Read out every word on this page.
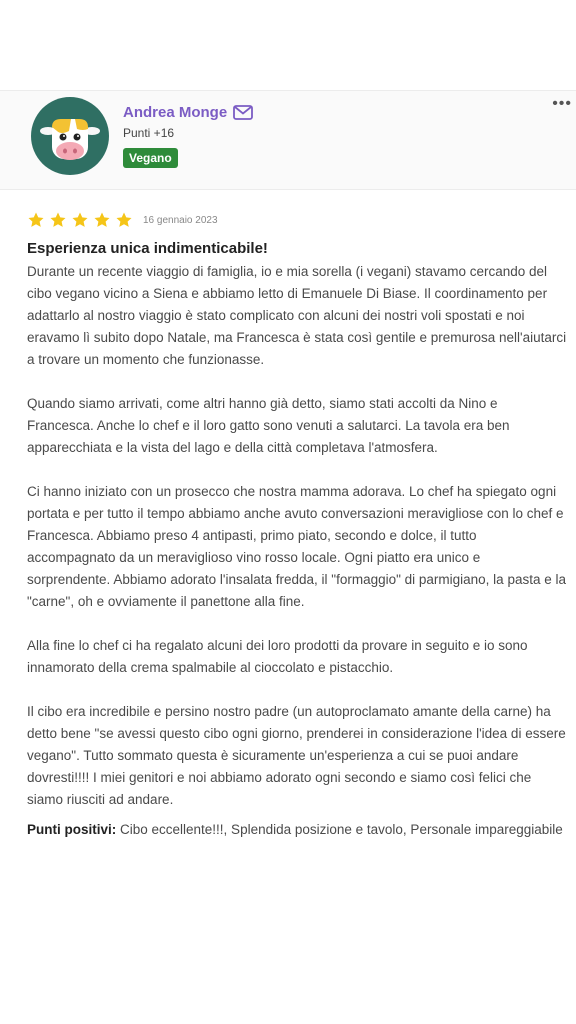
Andrea Monge
Punti +16
Vegano
•••
16 gennaio 2023
Esperienza unica indimenticabile!

Durante un recente viaggio di famiglia, io e mia sorella (i vegani) stavamo cercando del cibo vegano vicino a Siena e abbiamo letto di Emanuele Di Biase. Il coordinamento per adattarlo al nostro viaggio è stato complicato con alcuni dei nostri voli spostati e noi eravamo lì subito dopo Natale, ma Francesca è stata così gentile e premurosa nell'aiutarci a trovare un momento che funzionasse.

Quando siamo arrivati, come altri hanno già detto, siamo stati accolti da Nino e Francesca. Anche lo chef e il loro gatto sono venuti a salutarci. La tavola era ben apparecchiata e la vista del lago e della città completava l'atmosfera.

Ci hanno iniziato con un prosecco che nostra mamma adorava. Lo chef ha spiegato ogni portata e per tutto il tempo abbiamo anche avuto conversazioni meravigliose con lo chef e Francesca. Abbiamo preso 4 antipasti, primo piato, secondo e dolce, il tutto accompagnato da un meraviglioso vino rosso locale. Ogni piatto era unico e sorprendente. Abbiamo adorato l'insalata fredda, il "formaggio" di parmigiano, la pasta e la "carne", oh e ovviamente il panettone alla fine.

Alla fine lo chef ci ha regalato alcuni dei loro prodotti da provare in seguito e io sono innamorato della crema spalmabile al cioccolato e pistacchio.

Il cibo era incredibile e persino nostro padre (un autoproclamato amante della carne) ha detto bene "se avessi questo cibo ogni giorno, prenderei in considerazione l'idea di essere vegano". Tutto sommato questa è sicuramente un'esperienza a cui se puoi andare dovresti!!!! I miei genitori e noi abbiamo adorato ogni secondo e siamo così felici che siamo riusciti ad andare.

Punti positivi: Cibo eccellente!!!, Splendida posizione e tavolo, Personale impareggiabile
